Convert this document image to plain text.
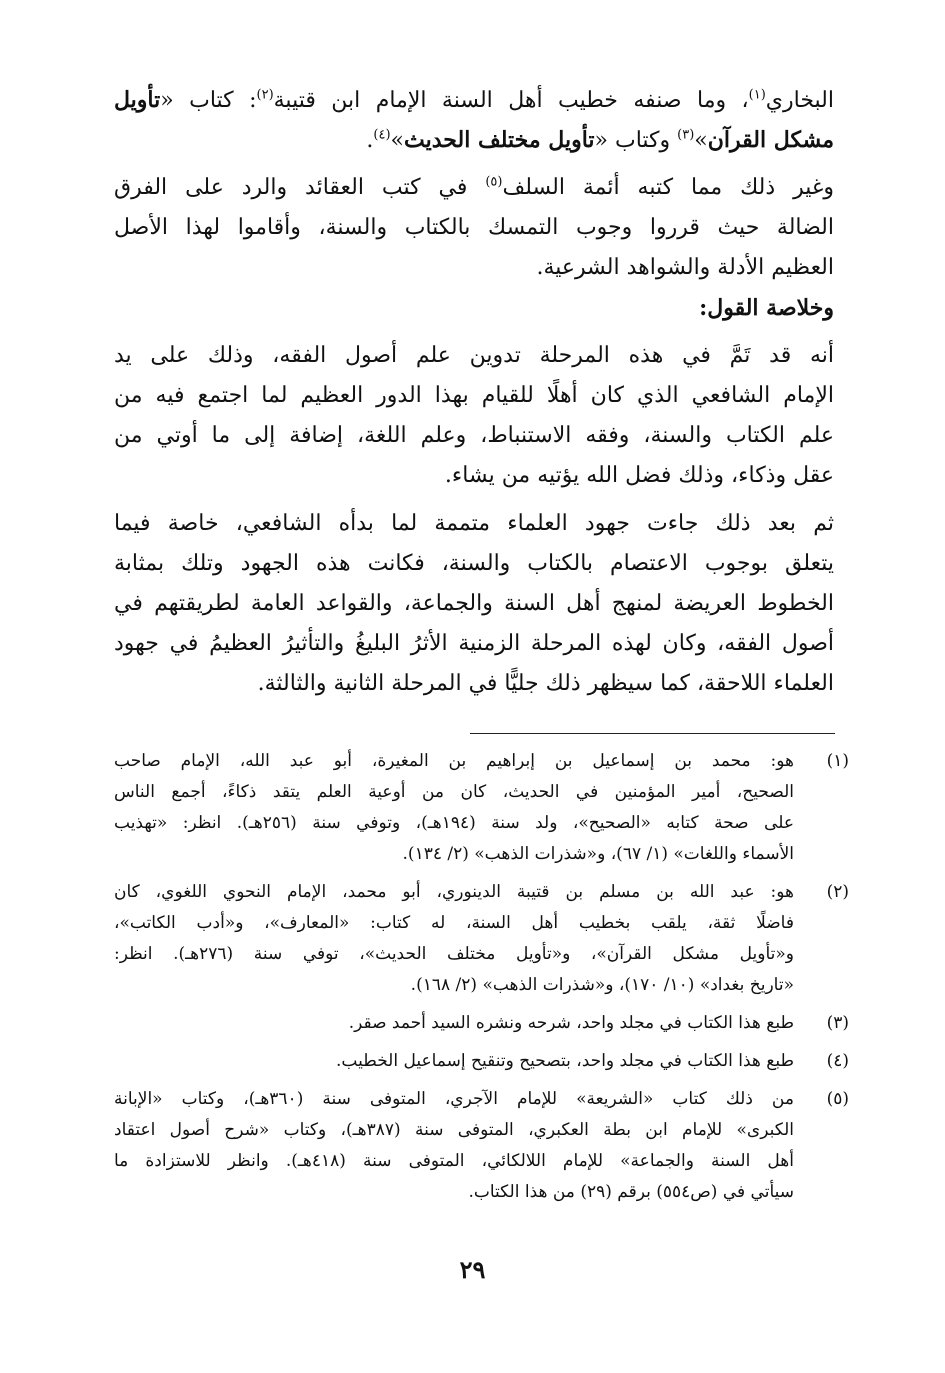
البخاري$^{(١)}$، وما صنفه خطيب أهل السنة الإمام ابن قتيبة$^{(٢)}$: كتاب «تأويل
مشكل القرآن»$^{(٣)}$ وكتاب «تأويل مختلف الحديث»$^{(٤)}$.
وغير ذلك مما كتبه أئمة السلف$^{(٥)}$ في كتب العقائد والرد على الفرق
الضالة حيث قرروا وجوب التمسك بالكتاب والسنة، وأقاموا لهذا الأصل
العظيم الأدلة والشواهد الشرعية.
وخلاصة القول:
أنه قد تَمَّ في هذه المرحلة تدوين علم أصول الفقه، وذلك على يد
الإمام الشافعي الذي كان أهلًا للقيام بهذا الدور العظيم لما اجتمع فيه من
علم الكتاب والسنة، وفقه الاستنباط، وعلم اللغة، إضافة إلى ما أوتي من
عقل وذكاء، وذلك فضل الله يؤتيه من يشاء.
ثم بعد ذلك جاءت جهود العلماء متممة لما بدأه الشافعي، خاصة فيما
يتعلق بوجوب الاعتصام بالكتاب والسنة، فكانت هذه الجهود وتلك بمثابة
الخطوط العريضة لمنهج أهل السنة والجماعة، والقواعد العامة لطريقتهم في
أصول الفقه، وكان لهذه المرحلة الزمنية الأثرُ البليغُ والتأثيرُ العظيمُ في جهود
العلماء اللاحقة، كما سيظهر ذلك جليًّا في المرحلة الثانية والثالثة.
(١)
هو: محمد بن إسماعيل بن إبراهيم بن المغيرة، أبو عبد الله، الإمام صاحب
الصحيح، أمير المؤمنين في الحديث، كان من أوعية العلم يتقد ذكاءً، أجمع الناس
على صحة كتابه «الصحيح»، ولد سنة (١٩٤هـ)، وتوفي سنة (٢٥٦هـ). انظر: «تهذيب
الأسماء واللغات» (١/ ٦٧)، و«شذرات الذهب» (٢/ ١٣٤).
(٢)
هو: عبد الله بن مسلم بن قتيبة الدينوري، أبو محمد، الإمام النحوي اللغوي، كان
فاضلًا ثقة، يلقب بخطيب أهل السنة، له كتاب: «المعارف»، و«أدب الكاتب»،
و«تأويل مشكل القرآن»، و«تأويل مختلف الحديث»، توفي سنة (٢٧٦هـ). انظر:
«تاريخ بغداد» (١٠/ ١٧٠)، و«شذرات الذهب» (٢/ ١٦٨).
(٣)
طبع هذا الكتاب في مجلد واحد، شرحه ونشره السيد أحمد صقر.
(٤)
طبع هذا الكتاب في مجلد واحد، بتصحيح وتنقيح إسماعيل الخطيب.
(٥)
من ذلك كتاب «الشريعة» للإمام الآجري، المتوفى سنة (٣٦٠هـ)، وكتاب «الإبانة
الكبرى» للإمام ابن بطة العكبري، المتوفى سنة (٣٨٧هـ)، وكتاب «شرح أصول اعتقاد
أهل السنة والجماعة» للإمام اللالكائي، المتوفى سنة (٤١٨هـ). وانظر للاستزادة ما
سيأتي في (ص٥٥٤) برقم (٢٩) من هذا الكتاب.
٢٩
